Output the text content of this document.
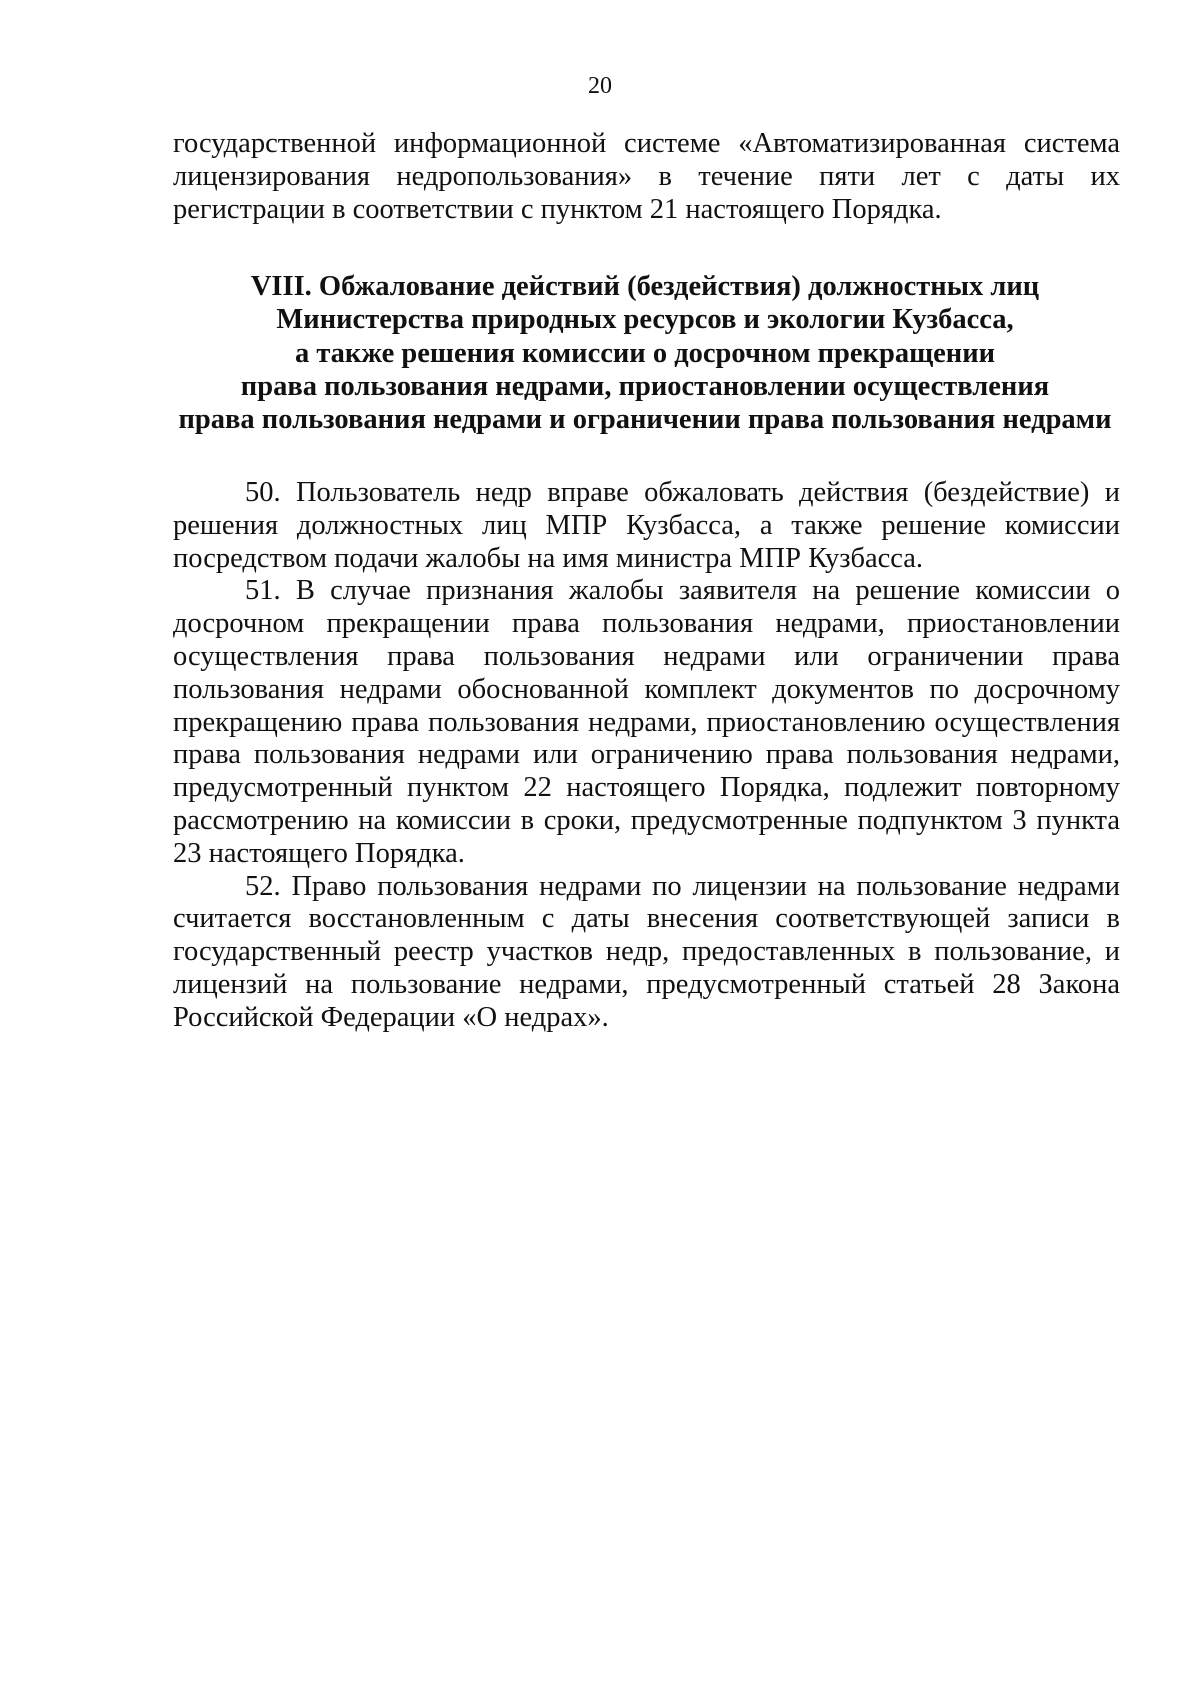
20

государственной информационной системе «Автоматизированная система лицензирования недропользования» в течение пяти лет с даты их регистрации в соответствии с пунктом 21 настоящего Порядка.

VIII. Обжалование действий (бездействия) должностных лиц
Министерства природных ресурсов и экологии Кузбасса,
а также решения комиссии о досрочном прекращении
права пользования недрами, приостановлении осуществления
права пользования недрами и ограничении права пользования недрами

50. Пользователь недр вправе обжаловать действия (бездействие) и решения должностных лиц МПР Кузбасса, а также решение комиссии посредством подачи жалобы на имя министра МПР Кузбасса.

51. В случае признания жалобы заявителя на решение комиссии о досрочном прекращении права пользования недрами, приостановлении осуществления права пользования недрами или ограничении права пользования недрами обоснованной комплект документов по досрочному прекращению права пользования недрами, приостановлению осуществления права пользования недрами или ограничению права пользования недрами, предусмотренный пунктом 22 настоящего Порядка, подлежит повторному рассмотрению на комиссии в сроки, предусмотренные подпунктом 3 пункта 23 настоящего Порядка.

52. Право пользования недрами по лицензии на пользование недрами считается восстановленным с даты внесения соответствующей записи в государственный реестр участков недр, предоставленных в пользование, и лицензий на пользование недрами, предусмотренный статьей 28 Закона Российской Федерации «О недрах».
